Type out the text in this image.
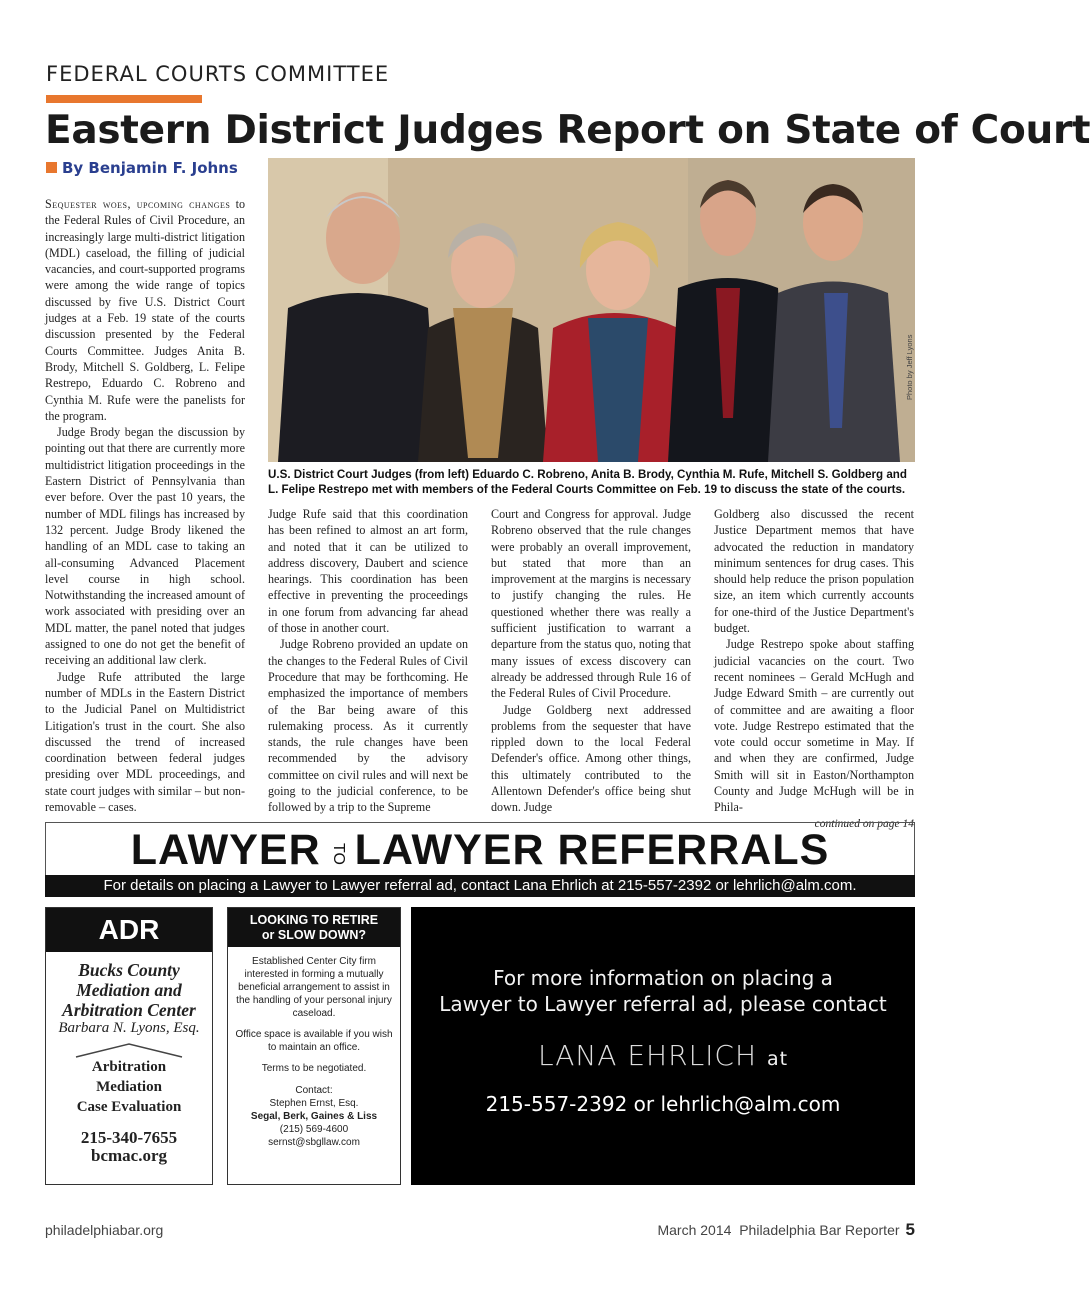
FEDERAL COURTS COMMITTEE
Eastern District Judges Report on State of Court
By Benjamin F. Johns

Sequester woes, upcoming changes to the Federal Rules of Civil Procedure, an increasingly large multi-district litigation (MDL) caseload, the filling of judicial vacancies, and court-supported programs were among the wide range of topics discussed by five U.S. District Court judges at a Feb. 19 state of the courts discussion presented by the Federal Courts Committee. Judges Anita B. Brody, Mitchell S. Goldberg, L. Felipe Restrepo, Eduardo C. Robreno and Cynthia M. Rufe were the panelists for the program.

Judge Brody began the discussion by pointing out that there are currently more multidistrict litigation proceedings in the Eastern District of Pennsylvania than ever before. Over the past 10 years, the number of MDL filings has increased by 132 percent. Judge Brody likened the handling of an MDL case to taking an all-consuming Advanced Placement level course in high school. Notwithstanding the increased amount of work associated with presiding over an MDL matter, the panel noted that judges assigned to one do not get the benefit of receiving an additional law clerk.

Judge Rufe attributed the large number of MDLs in the Eastern District to the Judicial Panel on Multidistrict Litigation's trust in the court. She also discussed the trend of increased coordination between federal judges presiding over MDL proceedings, and state court judges with similar – but non-removable – cases.

Photo by Jeff Lyons
U.S. District Court Judges (from left) Eduardo C. Robreno, Anita B. Brody, Cynthia M. Rufe, Mitchell S. Goldberg and L. Felipe Restrepo met with members of the Federal Courts Committee on Feb. 19 to discuss the state of the courts.

Judge Rufe said that this coordination has been refined to almost an art form, and noted that it can be utilized to address discovery, Daubert and science hearings. This coordination has been effective in preventing the proceedings in one forum from advancing far ahead of those in another court.

Judge Robreno provided an update on the changes to the Federal Rules of Civil Procedure that may be forthcoming. He emphasized the importance of members of the Bar being aware of this rulemaking process. As it currently stands, the rule changes have been recommended by the advisory committee on civil rules and will next be going to the judicial conference, to be followed by a trip to the Supreme

Court and Congress for approval. Judge Robreno observed that the rule changes were probably an overall improvement, but stated that more than an improvement at the margins is necessary to justify changing the rules. He questioned whether there was really a sufficient justification to warrant a departure from the status quo, noting that many issues of excess discovery can already be addressed through Rule 16 of the Federal Rules of Civil Procedure.

Judge Goldberg next addressed problems from the sequester that have rippled down to the local Federal Defender's office. Among other things, this ultimately contributed to the Allentown Defender's office being shut down. Judge

Goldberg also discussed the recent Justice Department memos that have advocated the reduction in mandatory minimum sentences for drug cases. This should help reduce the prison population size, an item which currently accounts for one-third of the Justice Department's budget.

Judge Restrepo spoke about staffing judicial vacancies on the court. Two recent nominees – Gerald McHugh and Judge Edward Smith – are currently out of committee and are awaiting a floor vote. Judge Restrepo estimated that the vote could occur sometime in May. If and when they are confirmed, Judge Smith will sit in Easton/Northampton County and Judge McHugh will be in Phila-

continued on page 14
LAWYER TO LAWYER REFERRALS
For details on placing a Lawyer to Lawyer referral ad, contact Lana Ehrlich at 215-557-2392 or lehrlich@alm.com.
ADR
Bucks County
Mediation and
Arbitration Center
Barbara N. Lyons, Esq.
Arbitration
Mediation
Case Evaluation
215-340-7655
bcmac.org
LOOKING TO RETIRE
or SLOW DOWN?

Established Center City firm interested in forming a mutually beneficial arrangement to assist in the handling of your personal injury caseload.

Office space is available if you wish to maintain an office.

Terms to be negotiated.

Contact:
Stephen Ernst, Esq.
Segal, Berk, Gaines & Liss
(215) 569-4600
sernst@sbgllaw.com

For more information on placing a
Lawyer to Lawyer referral ad, please contact
LANA EHRLICH at
215-557-2392 or lehrlich@alm.com
philadelphiabar.org	March 2014 Philadelphia Bar Reporter 5
